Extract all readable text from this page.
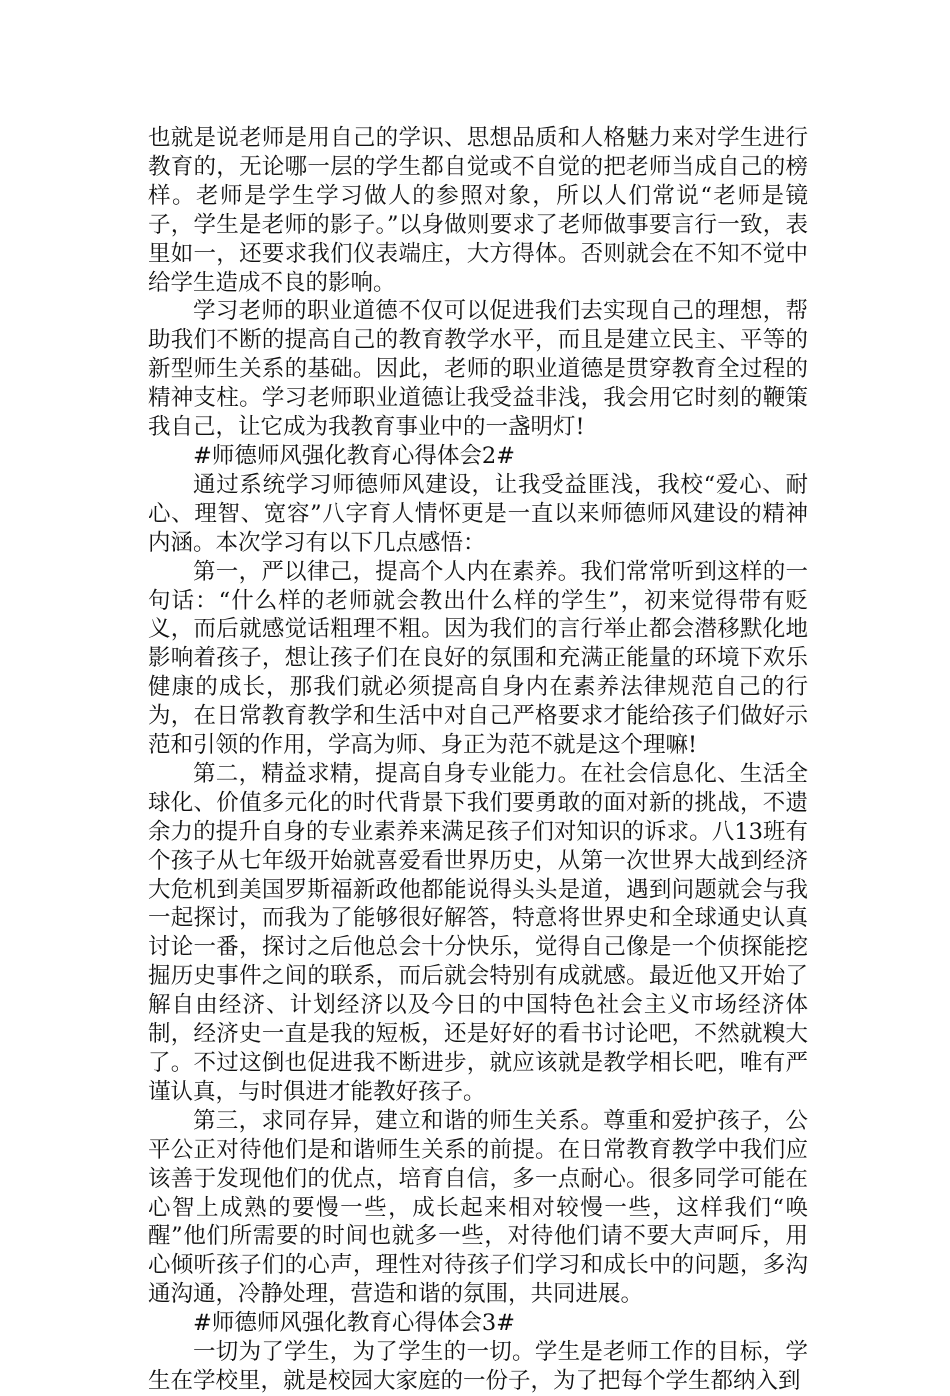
也就是说老师是用自己的学识、思想品质和人格魅力来对学生进行教育的，无论哪一层的学生都自觉或不自觉的把老师当成自己的榜样。老师是学生学习做人的参照对象，所以人们常说“老师是镜子，学生是老师的影子。”以身做则要求了老师做事要言行一致，表里如一，还要求我们仪表端庄，大方得体。否则就会在不知不觉中给学生造成不良的影响。

学习老师的职业道德不仅可以促进我们去实现自己的理想，帮助我们不断的提高自己的教育教学水平，而且是建立民主、平等的新型师生关系的基础。因此，老师的职业道德是贯穿教育全过程的精神支柱。学习老师职业道德让我受益非浅，我会用它时刻的鞭策我自己，让它成为我教育事业中的一盏明灯!

#师德师风强化教育心得体会2#

通过系统学习师德师风建设，让我受益匪浅，我校“爱心、耐心、理智、宽容”八字育人情怀更是一直以来师德师风建设的精神内涵。本次学习有以下几点感悟：

第一，严以律己，提高个人内在素养。我们常常听到这样的一句话：“什么样的老师就会教出什么样的学生”，初来觉得带有贬义，而后就感觉话粗理不粗。因为我们的言行举止都会潜移默化地影响着孩子，想让孩子们在良好的氛围和充满正能量的环境下欢乐健康的成长，那我们就必须提高自身内在素养法律规范自己的行为，在日常教育教学和生活中对自己严格要求才能给孩子们做好示范和引领的作用，学高为师、身正为范不就是这个理嘛!

第二，精益求精，提高自身专业能力。在社会信息化、生活全球化、价值多元化的时代背景下我们要勇敢的面对新的挑战，不遗余力的提升自身的专业素养来满足孩子们对知识的诉求。八13班有个孩子从七年级开始就喜爱看世界历史，从第一次世界大战到经济大危机到美国罗斯福新政他都能说得头头是道，遇到问题就会与我一起探讨，而我为了能够很好解答，特意将世界史和全球通史认真讨论一番，探讨之后他总会十分快乐，觉得自己像是一个侦探能挖掘历史事件之间的联系，而后就会特别有成就感。最近他又开始了解自由经济、计划经济以及今日的中国特色社会主义市场经济体制，经济史一直是我的短板，还是好好的看书讨论吧，不然就糗大了。不过这倒也促进我不断进步，就应该就是教学相长吧，唯有严谨认真，与时俱进才能教好孩子。

第三，求同存异，建立和谐的师生关系。尊重和爱护孩子，公平公正对待他们是和谐师生关系的前提。在日常教育教学中我们应该善于发现他们的优点，培育自信，多一点耐心。很多同学可能在心智上成熟的要慢一些，成长起来相对较慢一些，这样我们“唤醒”他们所需要的时间也就多一些，对待他们请不要大声呵斥，用心倾听孩子们的心声，理性对待孩子们学习和成长中的问题，多沟通沟通，冷静处理，营造和谐的氛围，共同进展。

#师德师风强化教育心得体会3#

一切为了学生，为了学生的一切。学生是老师工作的目标，学生在学校里，就是校园大家庭的一份子，为了把每个学生都纳入到
